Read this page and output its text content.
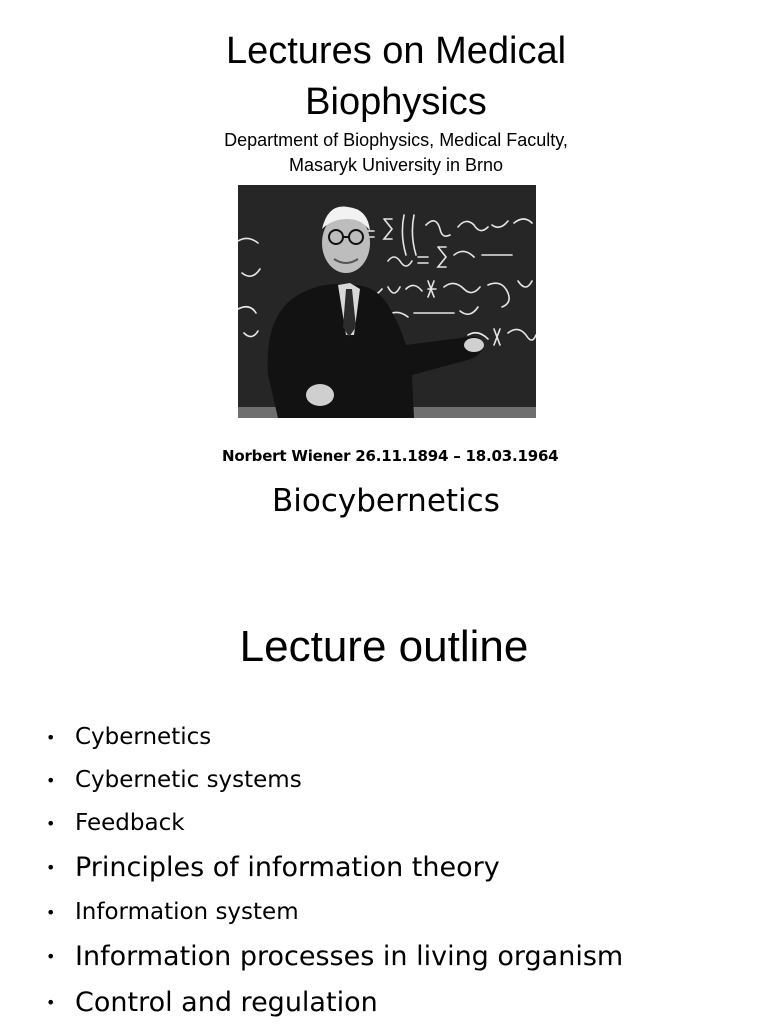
Lectures on Medical
Biophysics
Department of Biophysics, Medical Faculty,
Masaryk University in Brno
Norbert Wiener 26.11.1894 – 18.03.1964
Biocybernetics
Lecture outline
• Cybernetics
• Cybernetic systems
• Feedback
• Principles of information theory
• Information system
• Information processes in living organism
• Control and regulation
